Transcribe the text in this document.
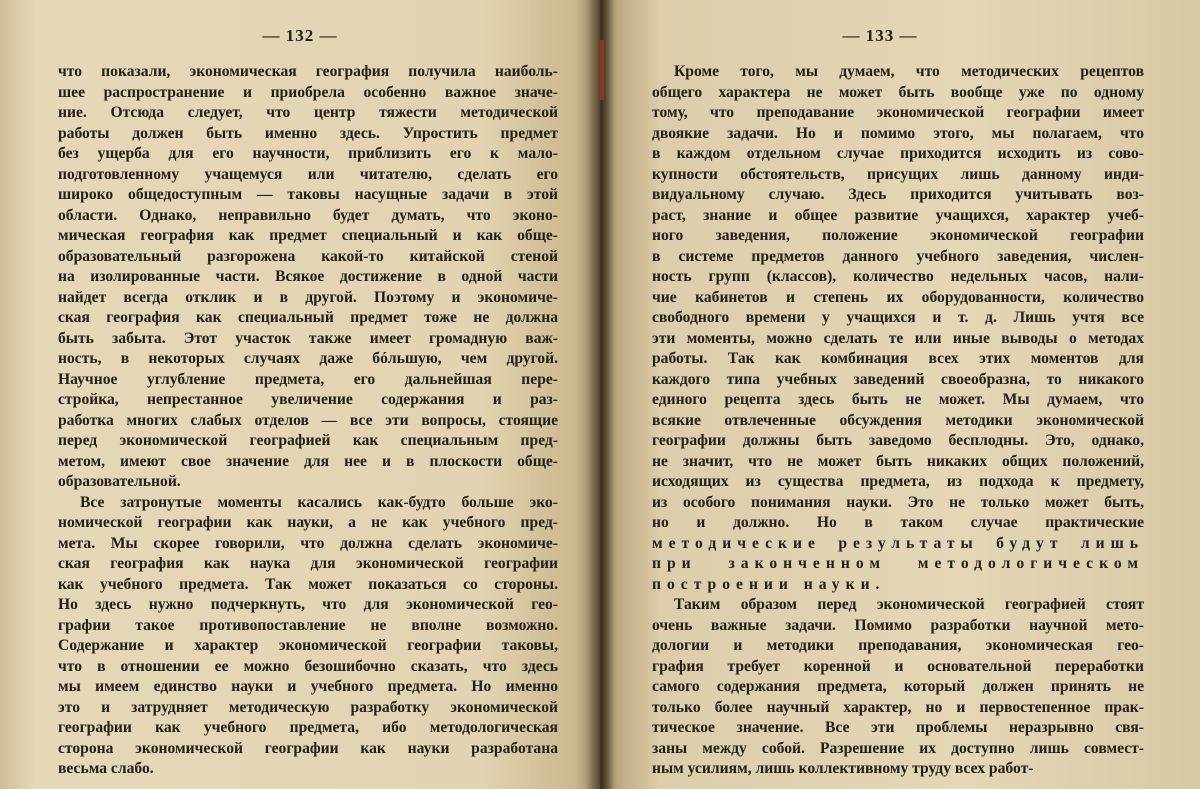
— 132 —
что показали, экономическая география получила наиболь-
шее распространение и приобрела особенно важное значе-
ние. Отсюда следует, что центр тяжести методической
работы должен быть именно здесь. Упростить предмет
без ущерба для его научности, приблизить его к мало-
подготовленному учащемуся или читателю, сделать его
широко общедоступным — таковы насущные задачи в этой
области. Однако, неправильно будет думать, что эконо-
мическая география как предмет специальный и как обще-
образовательный разгорожена какой-то китайской стеной
на изолированные части. Всякое достижение в одной части
найдет всегда отклик и в другой. Поэтому и экономиче-
ская география как специальный предмет тоже не должна
быть забыта. Этот участок также имеет громадную важ-
ность, в некоторых случаях даже бóльшую, чем другой.
Научное углубление предмета, его дальнейшая пере-
стройка, непрестанное увеличение содержания и раз-
работка многих слабых отделов — все эти вопросы, стоящие
перед экономической географией как специальным пред-
метом, имеют свое значение для нее и в плоскости обще-
образовательной.
Все затронутые моменты касались как-будто больше эко-
номической географии как науки, а не как учебного пред-
мета. Мы скорее говорили, что должна сделать экономиче-
ская география как наука для экономической географии
как учебного предмета. Так может показаться со стороны.
Но здесь нужно подчеркнуть, что для экономической гео-
графии такое противопоставление не вполне возможно.
Содержание и характер экономической географии таковы,
что в отношении ее можно безошибочно сказать, что здесь
мы имеем единство науки и учебного предмета. Но именно
это и затрудняет методическую разработку экономической
географии как учебного предмета, ибо методологическая
сторона экономической географии как науки разработана
весьма слабо.
— 133 —
Кроме того, мы думаем, что методических рецептов
общего характера не может быть вообще уже по одному
тому, что преподавание экономической географии имеет
двоякие задачи. Но и помимо этого, мы полагаем, что
в каждом отдельном случае приходится исходить из сово-
купности обстоятельств, присущих лишь данному инди-
видуальному случаю. Здесь приходится учитывать воз-
раст, знание и общее развитие учащихся, характер учеб-
ного заведения, положение экономической географии
в системе предметов данного учебного заведения, числен-
ность групп (классов), количество недельных часов, нали-
чие кабинетов и степень их оборудованности, количество
свободного времени у учащихся и т. д. Лишь учтя все
эти моменты, можно сделать те или иные выводы о методах
работы. Так как комбинация всех этих моментов для
каждого типа учебных заведений своеобразна, то никакого
единого рецепта здесь быть не может. Мы думаем, что
всякие отвлеченные обсуждения методики экономической
географии должны быть заведомо бесплодны. Это, однако,
не значит, что не может быть никаких общих положений,
исходящих из существа предмета, из подхода к предмету,
из особого понимания науки. Это не только может быть,
но и должно. Но в таком случае практические
методические результаты будут лишь
при законченном методологическом
построении науки.
Таким образом перед экономической географией стоят
очень важные задачи. Помимо разработки научной мето-
дологии и методики преподавания, экономическая гео-
графия требует коренной и основательной переработки
самого содержания предмета, который должен принять не
только более научный характер, но и первостепенное прак-
тическое значение. Все эти проблемы неразрывно свя-
заны между собой. Разрешение их доступно лишь совмест-
ным усилиям, лишь коллективному труду всех работ-
